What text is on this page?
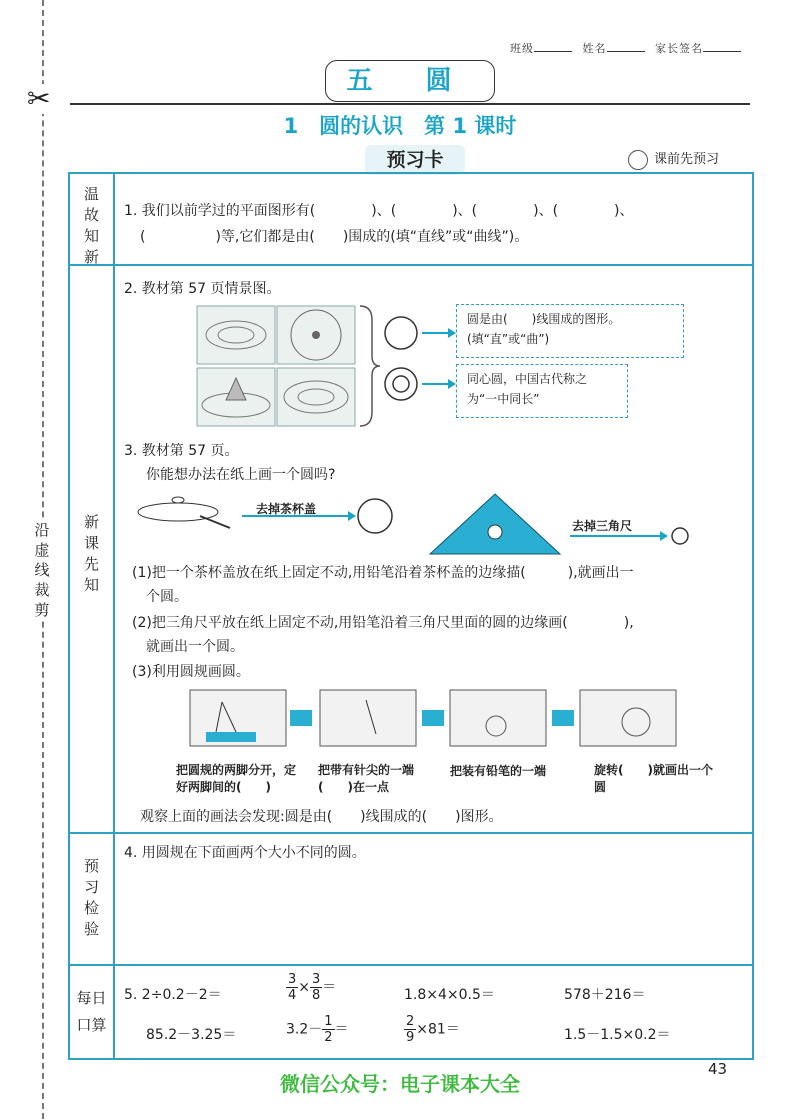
✂
沿
虚
线
裁
剪
班级	姓名	家长签名
五 圆
1　圆的认识　第 1 课时
预习卡	课前先预习
温
故
知
新
新
课
先
知
预
习
检
验
每日
口算
1. 我们以前学过的平面图形有(　　　　)、(　　　　)、(　　　　)、(　　　　)、
(　　　　　)等,它们都是由(　　)围成的(填“直线”或“曲线”)。
2. 教材第 57 页情景图。
圆是由(　　)线围成的图形。(填“直”或“曲”)
同心圆，中国古代称之为“一中同长”
3. 教材第 57 页。
你能想办法在纸上画一个圆吗?
去掉茶杯盖
去掉三角尺
(1)把一个茶杯盖放在纸上固定不动,用铅笔沿着茶杯盖的边缘描(　　　),就画出一
个圆。
(2)把三角尺平放在纸上固定不动,用铅笔沿着三角尺里面的圆的边缘画(　　　　),
就画出一个圆。
(3)利用圆规画圆。
把圆规的两脚分开，定好两脚间的(　　)
把带有针尖的一端(　　)在一点
把装有铅笔的一端	旋转(　　)就画出一个圆
观察上面的画法会发现:圆是由(　　)线围成的(　　)图形。
4. 用圆规在下面画两个大小不同的圆。
5. 2÷0.2－2＝	$\frac{3}{4} \times \frac{3}{8}$ ＝	1.8×4×0.5＝	578＋216＝
85.2－3.25＝	$3.2- \frac{1}{2}$ ＝	$\frac{2}{9} \times 81=$	1.5－1.5×0.2＝
43
微信公众号：电子课本大全
